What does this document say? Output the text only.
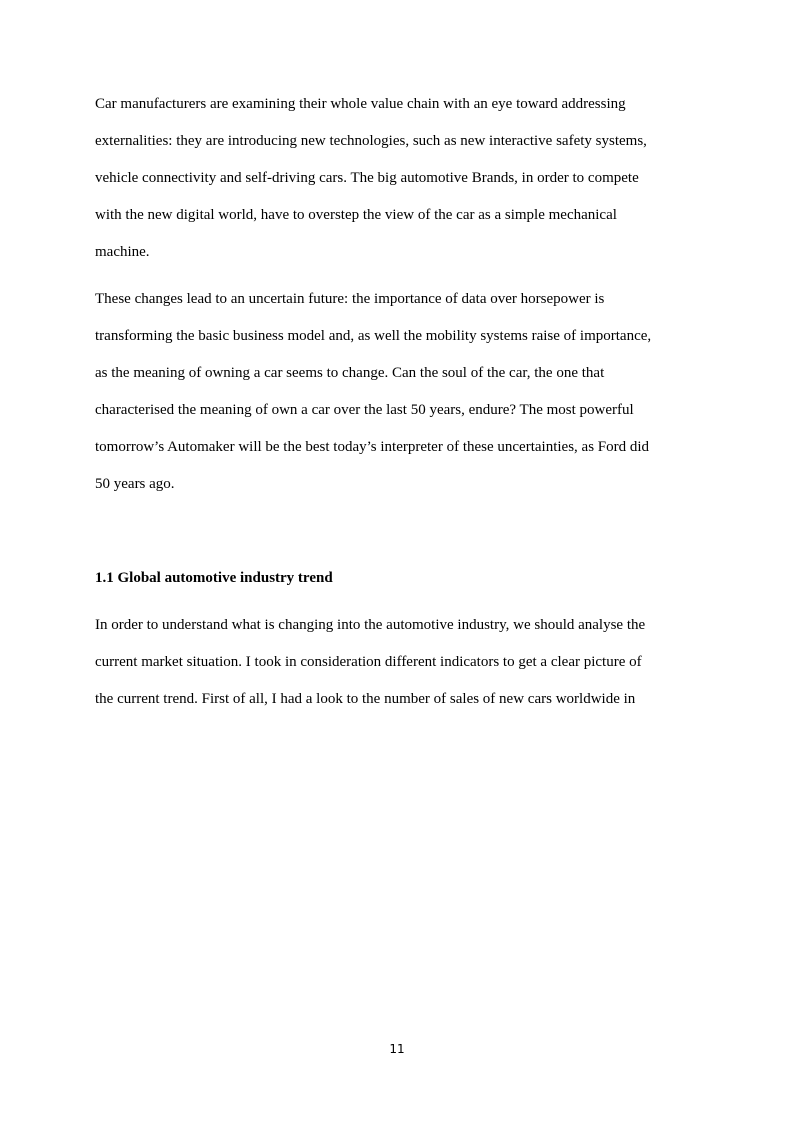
Car manufacturers are examining their whole value chain with an eye toward addressing
externalities: they are introducing new technologies, such as new interactive safety systems,
vehicle connectivity and self-driving cars. The big automotive Brands, in order to compete
with the new digital world, have to overstep the view of the car as a simple mechanical
machine.

These changes lead to an uncertain future: the importance of data over horsepower is
transforming the basic business model and, as well the mobility systems raise of importance,
as the meaning of owning a car seems to change. Can the soul of the car, the one that
characterised the meaning of own a car over the last 50 years, endure? The most powerful
tomorrow’s Automaker will be the best today’s interpreter of these uncertainties, as Ford did
50 years ago.

1.1 Global automotive industry trend

In order to understand what is changing into the automotive industry, we should analyse the
current market situation. I took in consideration different indicators to get a clear picture of
the current trend. First of all, I had a look to the number of sales of new cars worldwide in

11
